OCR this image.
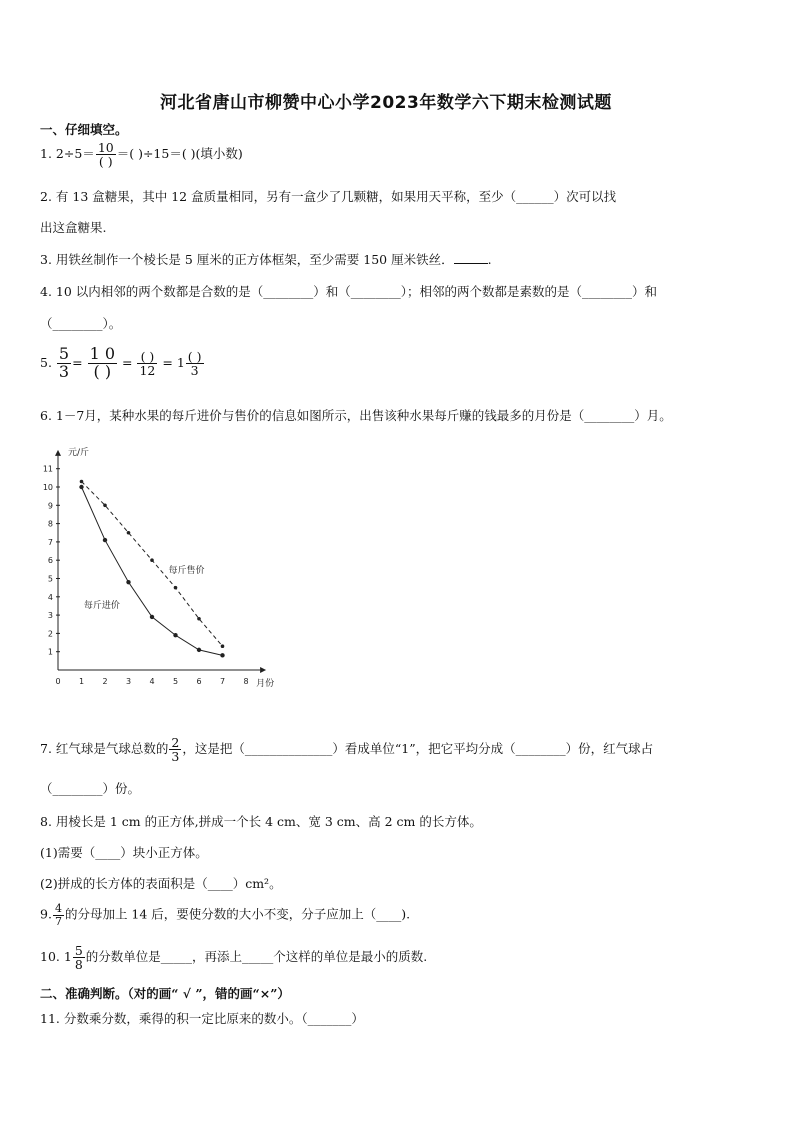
河北省唐山市柳赞中心小学2023年数学六下期末检测试题
一、仔细填空。
1. $2\div 5= \frac{10}{( )}$ ＝( )÷15＝( )(填小数)
2. 有 13 盒糖果，其中 12 盒质量相同，另有一盒少了几颗糖，如果用天平称，至少（______）次可以找
出这盒糖果.
3. 用铁丝制作一个棱长是 5 厘米的正方体框架，至少需要 150 厘米铁丝．	.
4. 10 以内相邻的两个数都是合数的是（________）和（________）；相邻的两个数都是素数的是（________）和
（________）。
5. $\frac{5}{3} = \frac{1 0}{( )} = \frac{( )}{12} = 1 \frac{( )}{3}$
6. 1－7月，某种水果的每斤进价与售价的信息如图所示，出售该种水果每斤赚的钱最多的月份是（________）月。
1
2
3
4
5
6
7
8
9
10
11
0 1 2 3 4 5 6 7 8
元/斤
月份
每斤售价
每斤进价
7. 红气球是气球总数的 $\frac{2}{3}$ ，这是把（______________）看成单位“1”，把它平均分成（________）份，红气球占
（________）份。
8. 用棱长是 1 cm 的正方体,拼成一个长 4 cm、宽 3 cm、高 2 cm 的长方体。
(1)需要（____）块小正方体。
(2)拼成的长方体的表面积是（____）cm²。
9. $\frac{4}{7}$ 的分母加上 14 后，要使分数的大小不变，分子应加上（____).
10. $1 \frac{5}{8}$ 的分数单位是_____，再添上_____个这样的单位是最小的质数.
二、准确判断。（对的画“ √ ”，错的画“×”）
11. 分数乘分数，乘得的积一定比原来的数小。（_______）
